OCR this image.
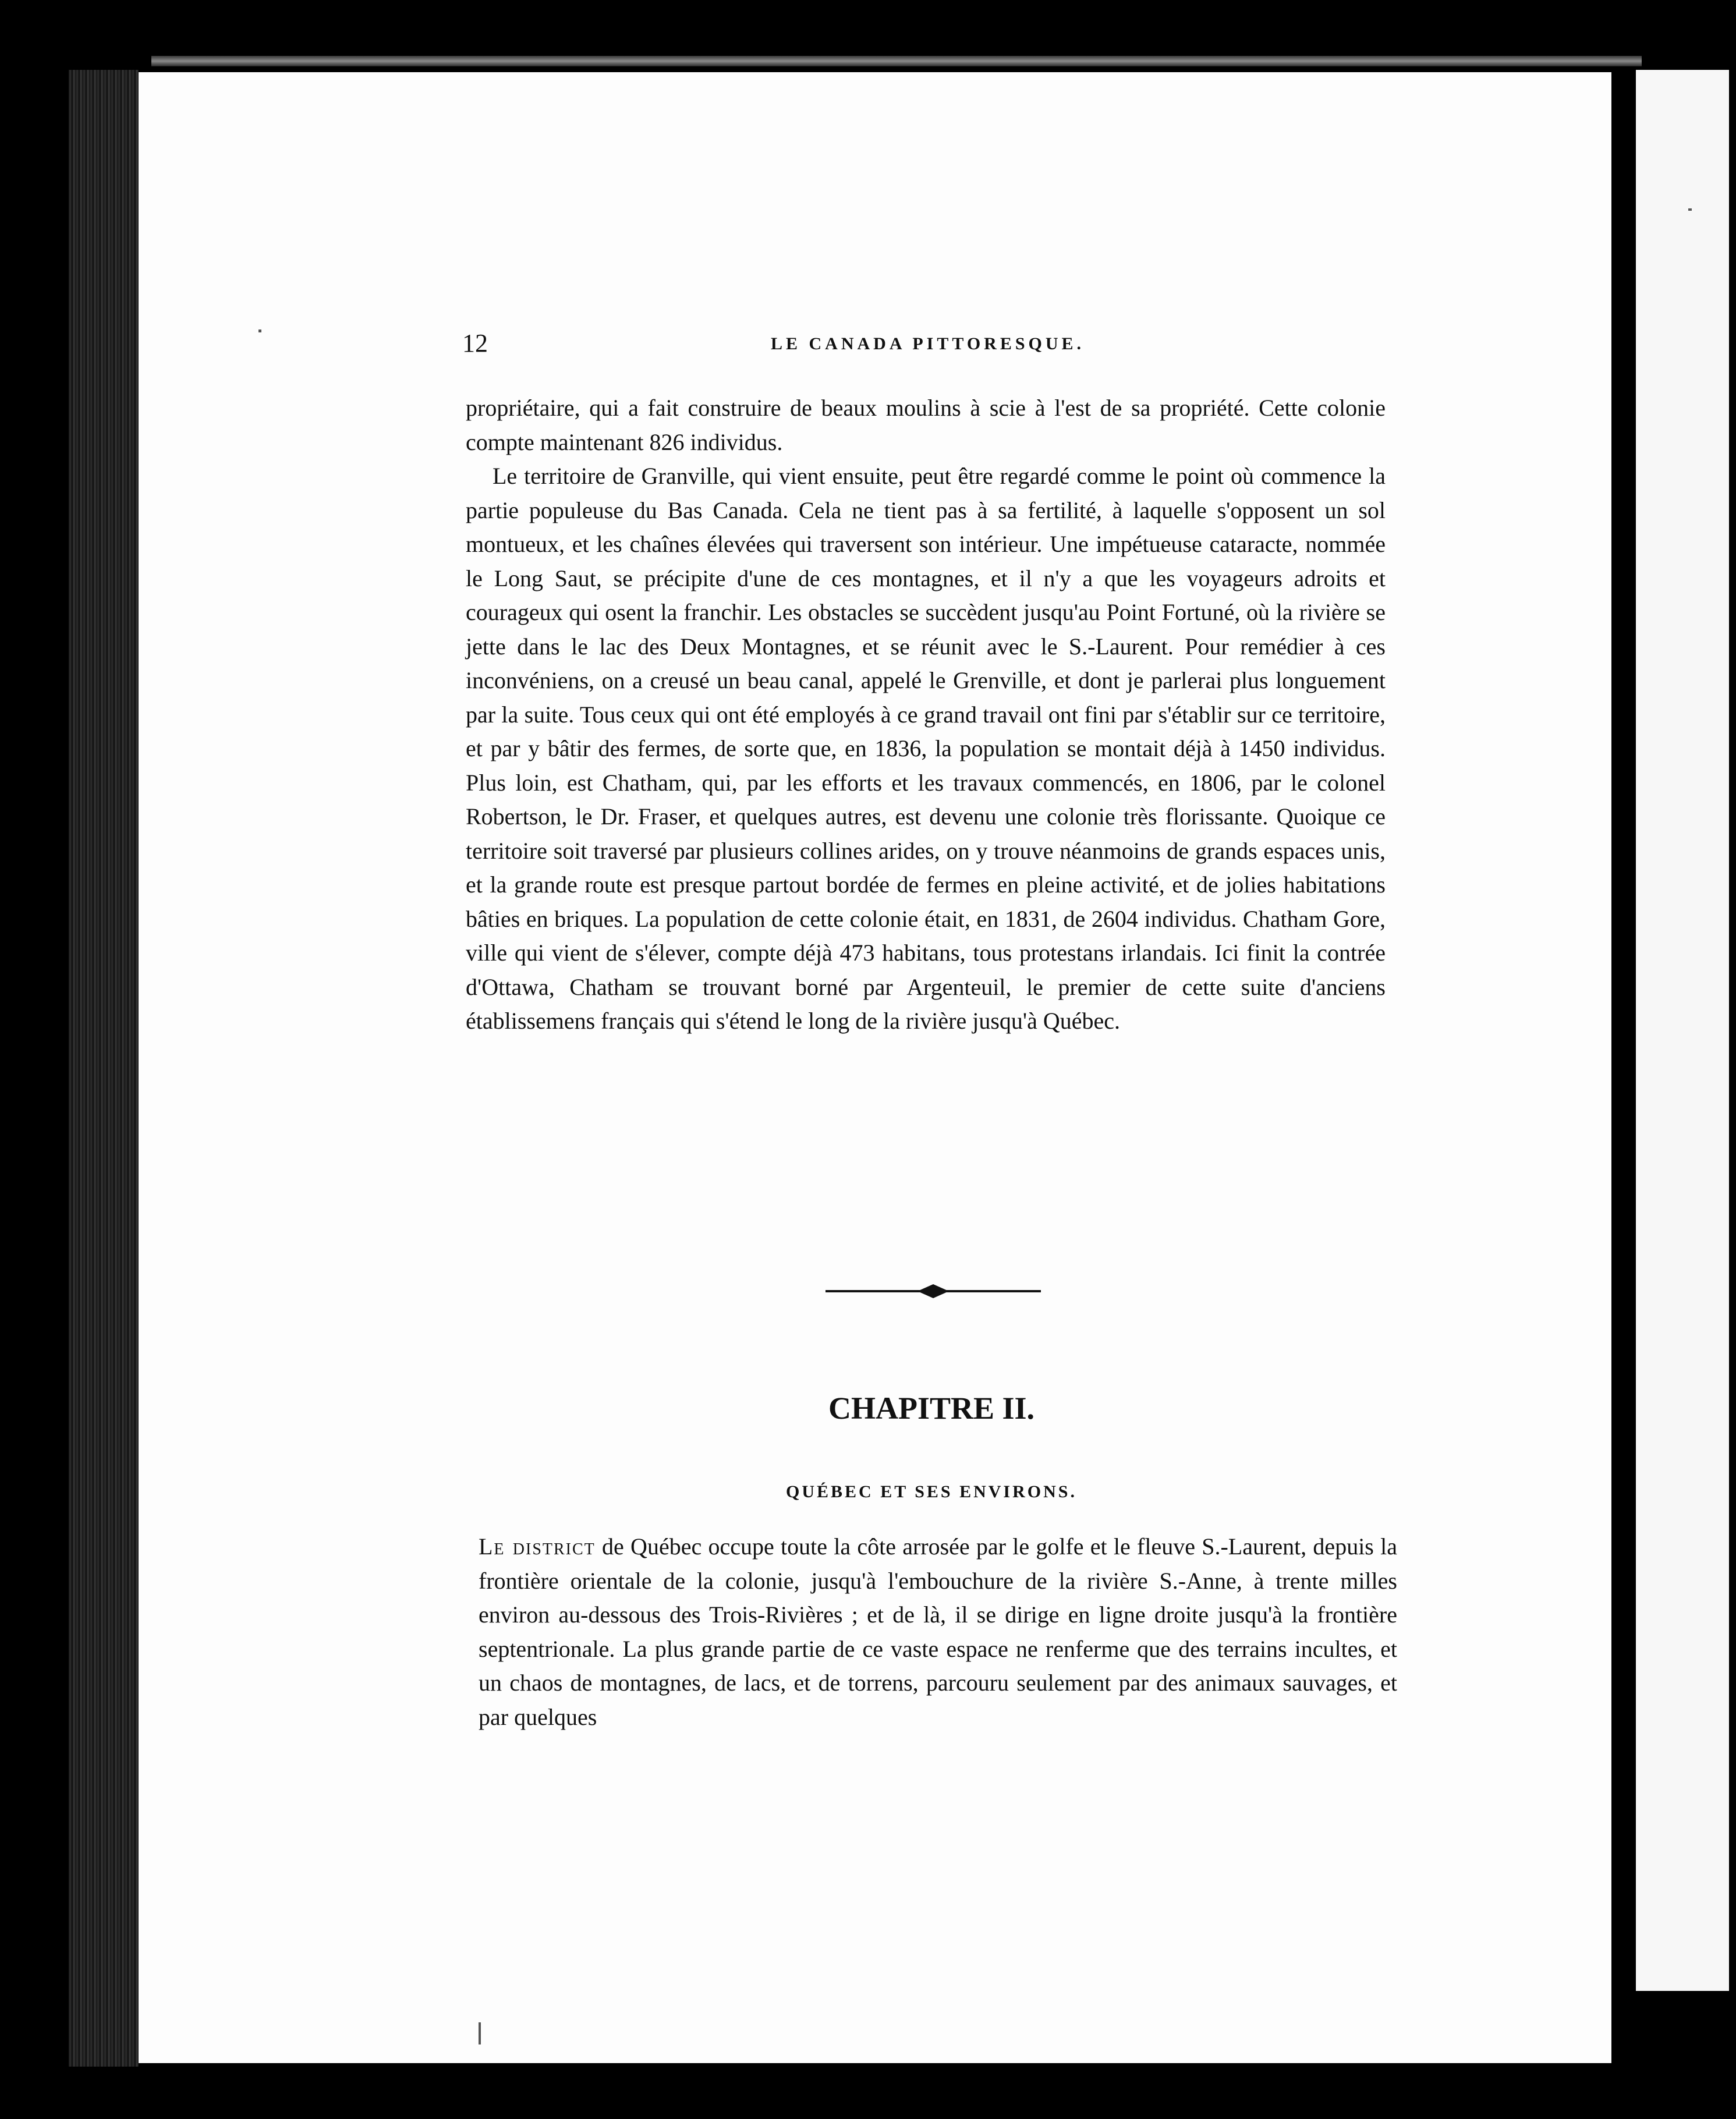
12	LE CANADA PITTORESQUE.

propriétaire, qui a fait construire de beaux moulins à scie à l'est de sa propriété. Cette colonie compte maintenant 826 individus.

Le territoire de Granville, qui vient ensuite, peut être regardé comme le point où commence la partie populeuse du Bas Canada. Cela ne tient pas à sa fertilité, à laquelle s'opposent un sol montueux, et les chaînes élevées qui traversent son intérieur. Une impétueuse cataracte, nommée le Long Saut, se précipite d'une de ces montagnes, et il n'y a que les voyageurs adroits et courageux qui osent la franchir. Les obstacles se succèdent jusqu'au Point Fortuné, où la rivière se jette dans le lac des Deux Montagnes, et se réunit avec le S.-Laurent. Pour remédier à ces inconvéniens, on a creusé un beau canal, appelé le Grenville, et dont je parlerai plus longuement par la suite. Tous ceux qui ont été employés à ce grand travail ont fini par s'établir sur ce territoire, et par y bâtir des fermes, de sorte que, en 1836, la population se montait déjà à 1450 individus. Plus loin, est Chatham, qui, par les efforts et les travaux commencés, en 1806, par le colonel Robertson, le Dr. Fraser, et quelques autres, est devenu une colonie très florissante. Quoique ce territoire soit traversé par plusieurs collines arides, on y trouve néanmoins de grands espaces unis, et la grande route est presque partout bordée de fermes en pleine activité, et de jolies habitations bâties en briques. La population de cette colonie était, en 1831, de 2604 individus. Chatham Gore, ville qui vient de s'élever, compte déjà 473 habitans, tous protestans irlandais. Ici finit la contrée d'Ottawa, Chatham se trouvant borné par Argenteuil, le premier de cette suite d'anciens établissemens français qui s'étend le long de la rivière jusqu'à Québec.

CHAPITRE II.
QUÉBEC ET SES ENVIRONS.

Le district de Québec occupe toute la côte arrosée par le golfe et le fleuve S.-Laurent, depuis la frontière orientale de la colonie, jusqu'à l'embouchure de la rivière S.-Anne, à trente milles environ au-dessous des Trois-Rivières ; et de là, il se dirige en ligne droite jusqu'à la frontière septentrionale. La plus grande partie de ce vaste espace ne renferme que des terrains incultes, et un chaos de montagnes, de lacs, et de torrens, parcouru seulement par des animaux sauvages, et par quelques
